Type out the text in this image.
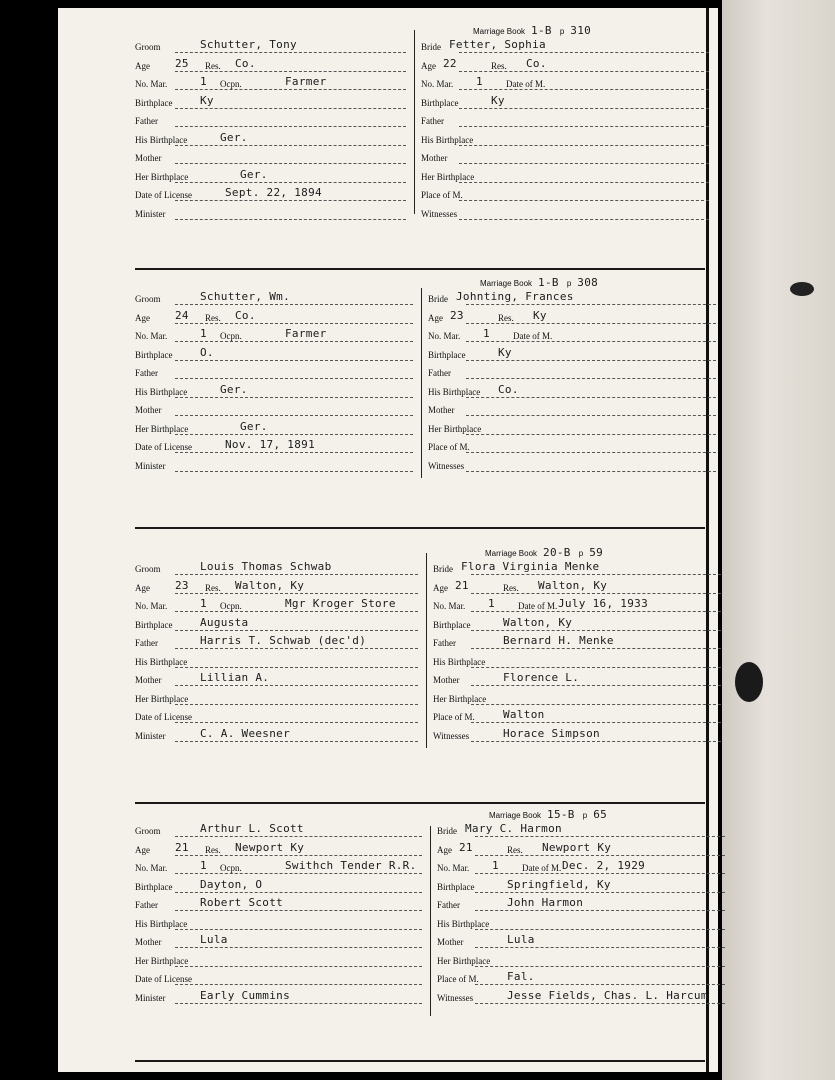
Marriage Book 1-B p 310
Groom	Schutter, Tony
Age 25 Res. Co.
No. Mar.	1 Ocpn.	Farmer
Birthplace	Ky
Father
His Birthplace	Ger.
Mother
Her Birthplace	Ger.
Date of License	Sept. 22, 1894
Minister
Bride Fetter, Sophia
Age 22	Res. Co.
No. Mar. 1	Date of M.
Birthplace	Ky
Father
His Birthplace
Mother
Her Birthplace
Place of M.
Witnesses
Marriage Book 1-B p 308
Groom	Schutter, Wm.
Age 24 Res. Co.
No. Mar.	1 Ocpn.	Farmer
Birthplace	O.
Father
His Birthplace	Ger.
Mother
Her Birthplace	Ger.
Date of License	Nov. 17, 1891
Minister
Bride Johnting, Frances
Age 23	Res. Ky
No. Mar. 1	Date of M.
Birthplace	Ky
Father
His Birthplace Co.
Mother
Her Birthplace
Place of M.
Witnesses
Marriage Book 20-B p 59
Groom	Louis Thomas Schwab
Age 23 Res. Walton, Ky
No. Mar.	1 Ocpn.	Mgr Kroger Store
Birthplace	Augusta
Father	Harris T. Schwab (dec'd)
His Birthplace
Mother	Lillian A.
Her Birthplace
Date of License
Minister	C. A. Weesner
Bride Flora Virginia Menke
Age 21	Res. Walton, Ky
No. Mar. 1	Date of M. July 16, 1933
Birthplace	Walton, Ky
Father	Bernard H. Menke
His Birthplace
Mother	Florence L.
Her Birthplace
Place of M.	Walton
Witnesses	Horace Simpson
Marriage Book 15-B p 65
Groom	Arthur L. Scott
Age 21 Res. Newport Ky
No. Mar.	1 Ocpn.	Swithch Tender R.R.
Birthplace	Dayton, O
Father	Robert Scott
His Birthplace
Mother	Lula
Her Birthplace
Date of License
Minister	Early Cummins
Bride Mary C. Harmon
Age 21	Res. Newport Ky
No. Mar. 1	Date of M. Dec. 2, 1929
Birthplace	Springfield, Ky
Father	John Harmon
His Birthplace
Mother	Lula
Her Birthplace
Place of M.	Fal.
Witnesses	Jesse Fields, Chas. L. Harcum
